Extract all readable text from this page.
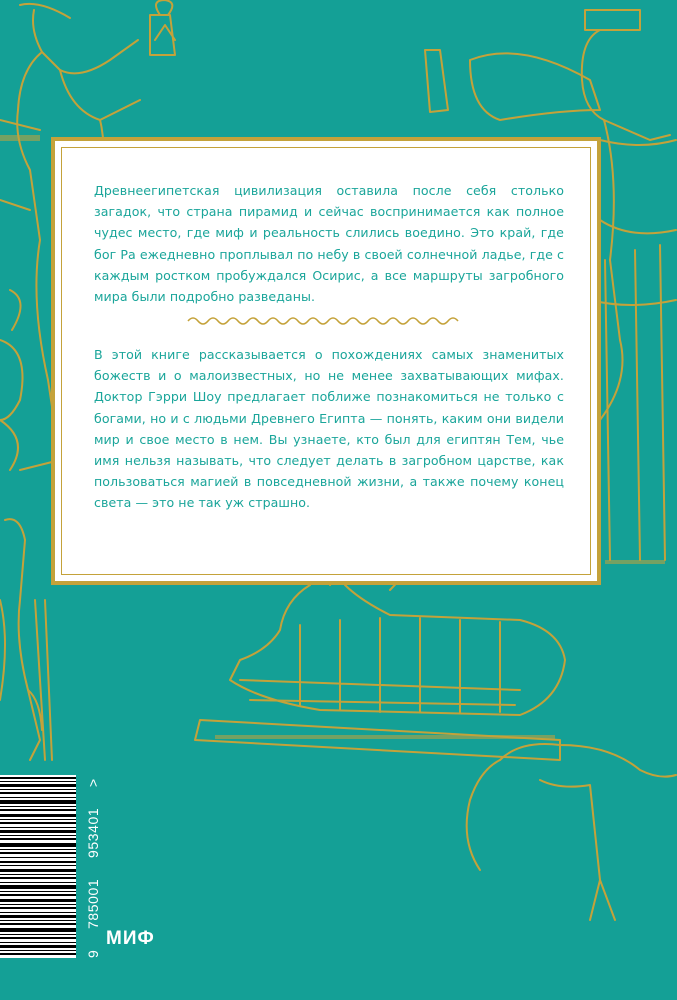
Древнеегипетская цивилизация оставила после себя столько загадок, что страна пирамид и сейчас воспринимается как полное чудес место, где миф и реальность слились воедино. Это край, где бог Ра ежедневно проплывал по небу в своей солнечной ладье, где с каждым ростком пробуждался Осирис, а все маршруты загробного мира были подробно разведаны.

В этой книге рассказывается о похождениях самых знаменитых божеств и о малоизвестных, но не менее захватывающих мифах. Доктор Гэрри Шоу предлагает поближе познакомиться не только с богами, но и с людьми Древнего Египта — понять, каким они видели мир и свое место в нем. Вы узнаете, кто был для египтян Тем, чье имя нельзя называть, что следует делать в загробном царстве, как пользоваться магией в повседневной жизни, а также почему конец света — это не так уж страшно.

9
785001
953401
>
МИФ
